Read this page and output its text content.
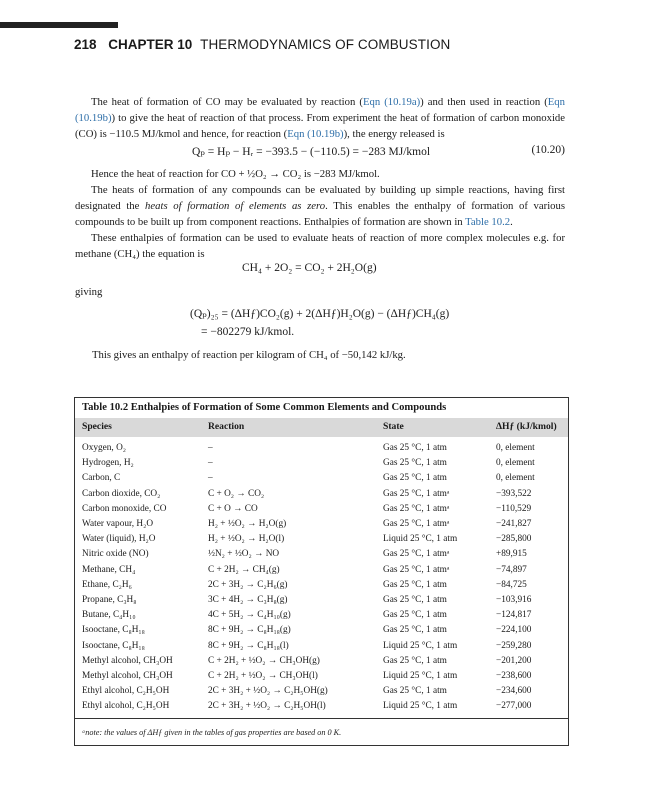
218 CHAPTER 10 THERMODYNAMICS OF COMBUSTION
The heat of formation of CO may be evaluated by reaction (Eqn (10.19a)) and then used in reaction (Eqn (10.19b)) to give the heat of reaction of that process. From experiment the heat of formation of carbon monoxide (CO) is −110.5 MJ/kmol and hence, for reaction (Eqn (10.19b)), the energy released is
Qₚ = Hₚ − Hᵣ = −393.5 − (−110.5) = −283 MJ/kmol	(10.20)
Hence the heat of reaction for CO + ½O₂ → CO₂ is −283 MJ/kmol.
The heats of formation of any compounds can be evaluated by building up simple reactions, having first designated the heats of formation of elements as zero. This enables the enthalpy of formation of various compounds to be built up from component reactions. Enthalpies of formation are shown in Table 10.2.
These enthalpies of formation can be used to evaluate heats of reaction of more complex molecules e.g. for methane (CH₄) the equation is
CH₄ + 2O₂ = CO₂ + 2H₂O(g)
giving
(Qₚ)₂₅ = (ΔHƒ)CO₂(g) + 2(ΔHƒ)H₂O(g) − (ΔHƒ)CH₄(g)
= −802279 kJ/kmol.
This gives an enthalpy of reaction per kilogram of CH₄ of −50,142 kJ/kg.
Table 10.2 Enthalpies of Formation of Some Common Elements and Compounds
Species	Reaction	State	ΔHƒ (kJ/kmol)
Oxygen, O₂	–	Gas 25 °C, 1 atm	0, element
Hydrogen, H₂	–	Gas 25 °C, 1 atm	0, element
Carbon, C	–	Gas 25 °C, 1 atm	0, element
Carbon dioxide, CO₂	C + O₂ → CO₂	Gas 25 °C, 1 atmᵃ	−393,522
Carbon monoxide, CO	C + O → CO	Gas 25 °C, 1 atmᵃ	−110,529
Water vapour, H₂O	H₂ + ½O₂ → H₂O(g)	Gas 25 °C, 1 atmᵃ	−241,827
Water (liquid), H₂O	H₂ + ½O₂ → H₂O(l)	Liquid 25 °C, 1 atm	−285,800
Nitric oxide (NO)	½N₂ + ½O₂ → NO	Gas 25 °C, 1 atmᵃ	+89,915
Methane, CH₄	C + 2H₂ → CH₄(g)	Gas 25 °C, 1 atmᵃ	−74,897
Ethane, C₂H₆	2C + 3H₂ → C₂H₆(g)	Gas 25 °C, 1 atm	−84,725
Propane, C₃H₈	3C + 4H₂ → C₃H₈(g)	Gas 25 °C, 1 atm	−103,916
Butane, C₄H₁₀	4C + 5H₂ → C₄H₁₀(g)	Gas 25 °C, 1 atm	−124,817
Isooctane, C₈H₁₈	8C + 9H₂ → C₈H₁₈(g)	Gas 25 °C, 1 atm	−224,100
Isooctane, C₈H₁₈	8C + 9H₂ → C₈H₁₈(l)	Liquid 25 °C, 1 atm	−259,280
Methyl alcohol, CH₃OH	C + 2H₂ + ½O₂ → CH₃OH(g)	Gas 25 °C, 1 atm	−201,200
Methyl alcohol, CH₃OH	C + 2H₂ + ½O₂ → CH₃OH(l)	Liquid 25 °C, 1 atm	−238,600
Ethyl alcohol, C₂H₅OH	2C + 3H₂ + ½O₂ → C₂H₅OH(g)	Gas 25 °C, 1 atm	−234,600
Ethyl alcohol, C₂H₅OH	2C + 3H₂ + ½O₂ → C₂H₅OH(l)	Liquid 25 °C, 1 atm	−277,000
ᵃnote: the values of ΔHƒ given in the tables of gas properties are based on 0 K.
